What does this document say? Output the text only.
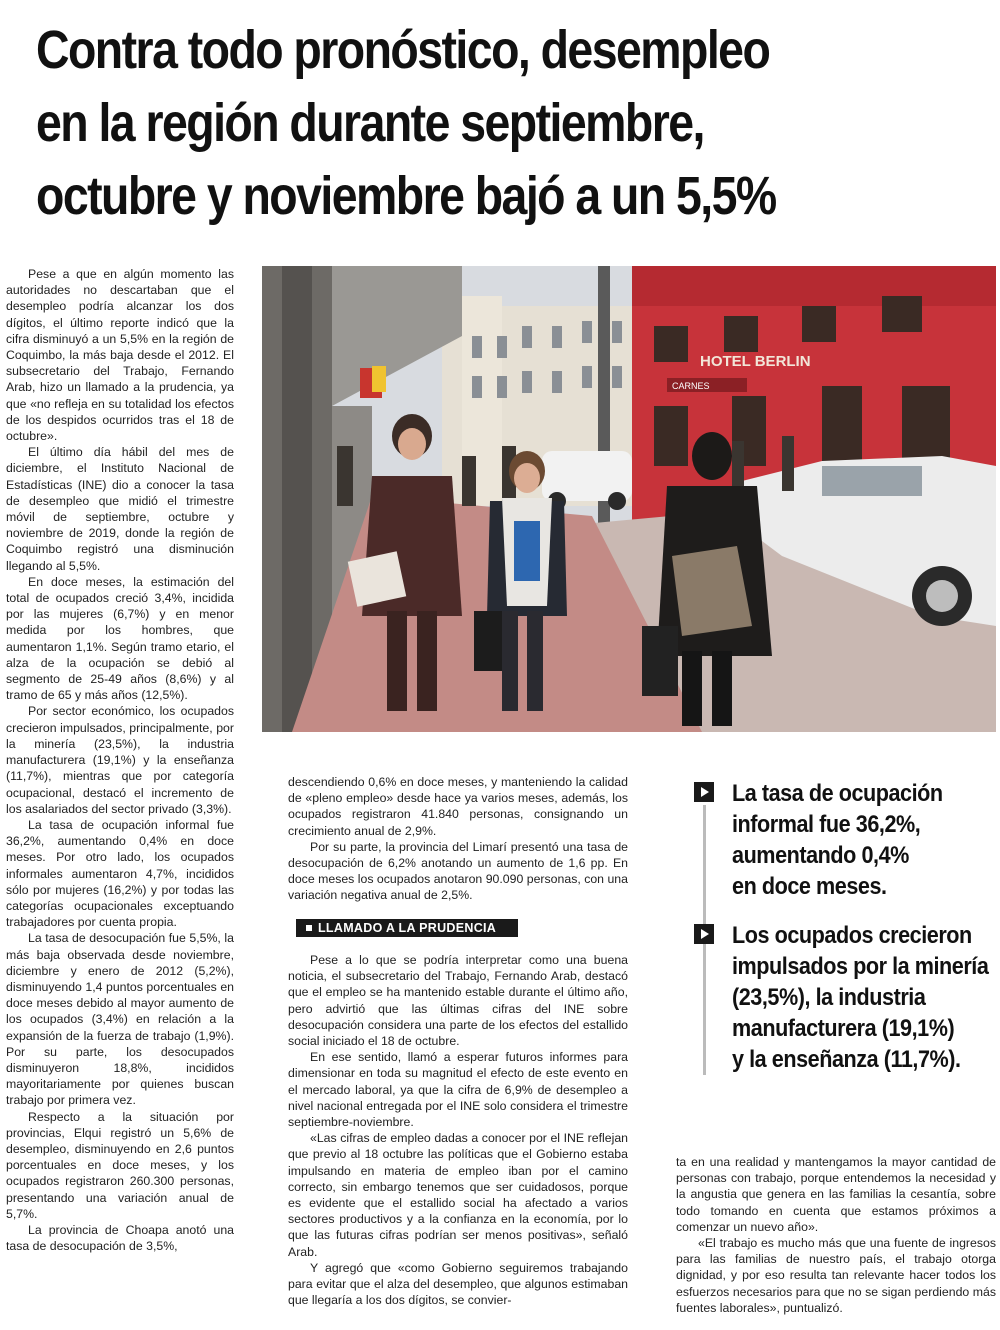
Contra todo pronóstico, desempleo
en la región durante septiembre,
octubre y noviembre bajó a un 5,5%

Pese a que en algún momento las autoridades no descartaban que el desempleo podría alcanzar los dos dígitos, el último reporte indicó que la cifra disminuyó a un 5,5% en la región de Coquimbo, la más baja desde el 2012. El subsecretario del Trabajo, Fernando Arab, hizo un llamado a la prudencia, ya que «no refleja en su totalidad los efectos de los despidos ocurridos tras el 18 de octubre».

El último día hábil del mes de diciembre, el Instituto Nacional de Estadísticas (INE) dio a conocer la tasa de desempleo que midió el trimestre móvil de septiembre, octubre y noviembre de 2019, donde la región de Coquimbo registró una disminución llegando al 5,5%.

En doce meses, la estimación del total de ocupados creció 3,4%, incidida por las mujeres (6,7%) y en menor medida por los hombres, que aumentaron 1,1%. Según tramo etario, el alza de la ocupación se debió al segmento de 25-49 años (8,6%) y al tramo de 65 y más años (12,5%).

Por sector económico, los ocupados crecieron impulsados, principalmente, por la minería (23,5%), la industria manufacturera (19,1%) y la enseñanza (11,7%), mientras que por categoría ocupacional, destacó el incremento de los asalariados del sector privado (3,3%).

La tasa de ocupación informal fue 36,2%, aumentando 0,4% en doce meses. Por otro lado, los ocupados informales aumentaron 4,7%, incididos sólo por mujeres (16,2%) y por todas las categorías ocupacionales exceptuando trabajadores por cuenta propia.

La tasa de desocupación fue 5,5%, la más baja observada desde noviembre, diciembre y enero de 2012 (5,2%), disminuyendo 1,4 puntos porcentuales en doce meses debido al mayor aumento de los ocupados (3,4%) en relación a la expansión de la fuerza de trabajo (1,9%). Por su parte, los desocupados disminuyeron 18,8%, incididos mayoritariamente por quienes buscan trabajo por primera vez.

Respecto a la situación por provincias, Elqui registró un 5,6% de desempleo, disminuyendo en 2,6 puntos porcentuales en doce meses, y los ocupados registraron 260.300 personas, presentando una variación anual de 5,7%.

La provincia de Choapa anotó una tasa de desocupación de 3,5%,

HOTEL BERLIN
CARNES

descendiendo 0,6% en doce meses, y manteniendo la calidad de «pleno empleo» desde hace ya varios meses, además, los ocupados registraron 41.840 personas, consignando un crecimiento anual de 2,9%.

Por su parte, la provincia del Limarí presentó una tasa de desocupación de 6,2% anotando un aumento de 1,6 pp. En doce meses los ocupados anotaron 90.090 personas, con una variación negativa anual de 2,5%.

LLAMADO A LA PRUDENCIA

Pese a lo que se podría interpretar como una buena noticia, el subsecretario del Trabajo, Fernando Arab, destacó que el empleo se ha mantenido estable durante el último año, pero advirtió que las últimas cifras del INE sobre desocupación considera una parte de los efectos del estallido social iniciado el 18 de octubre.

En ese sentido, llamó a esperar futuros informes para dimensionar en toda su magnitud el efecto de este evento en el mercado laboral, ya que la cifra de 6,9% de desempleo a nivel nacional entregada por el INE solo considera el trimestre septiembre-noviembre.

«Las cifras de empleo dadas a conocer por el INE reflejan que previo al 18 octubre las políticas que el Gobierno estaba impulsando en materia de empleo iban por el camino correcto, sin embargo tenemos que ser cuidadosos, porque es evidente que el estallido social ha afectado a varios sectores productivos y a la confianza en la economía, por lo que las futuras cifras podrían ser menos positivas», señaló Arab.

Y agregó que «como Gobierno seguiremos trabajando para evitar que el alza del desempleo, que algunos estimaban que llegaría a los dos dígitos, se convier-

La tasa de ocupación
informal fue 36,2%,
aumentando 0,4%
en doce meses.
Los ocupados crecieron
impulsados por la minería
(23,5%), la industria
manufacturera (19,1%)
y la enseñanza (11,7%).

ta en una realidad y mantengamos la mayor cantidad de personas con trabajo, porque entendemos la necesidad y la angustia que genera en las familias la cesantía, sobre todo tomando en cuenta que estamos próximos a comenzar un nuevo año».

«El trabajo es mucho más que una fuente de ingresos para las familias de nuestro país, el trabajo otorga dignidad, y por eso resulta tan relevante hacer todos los esfuerzos necesarios para que no se sigan perdiendo más fuentes laborales», puntualizó.
